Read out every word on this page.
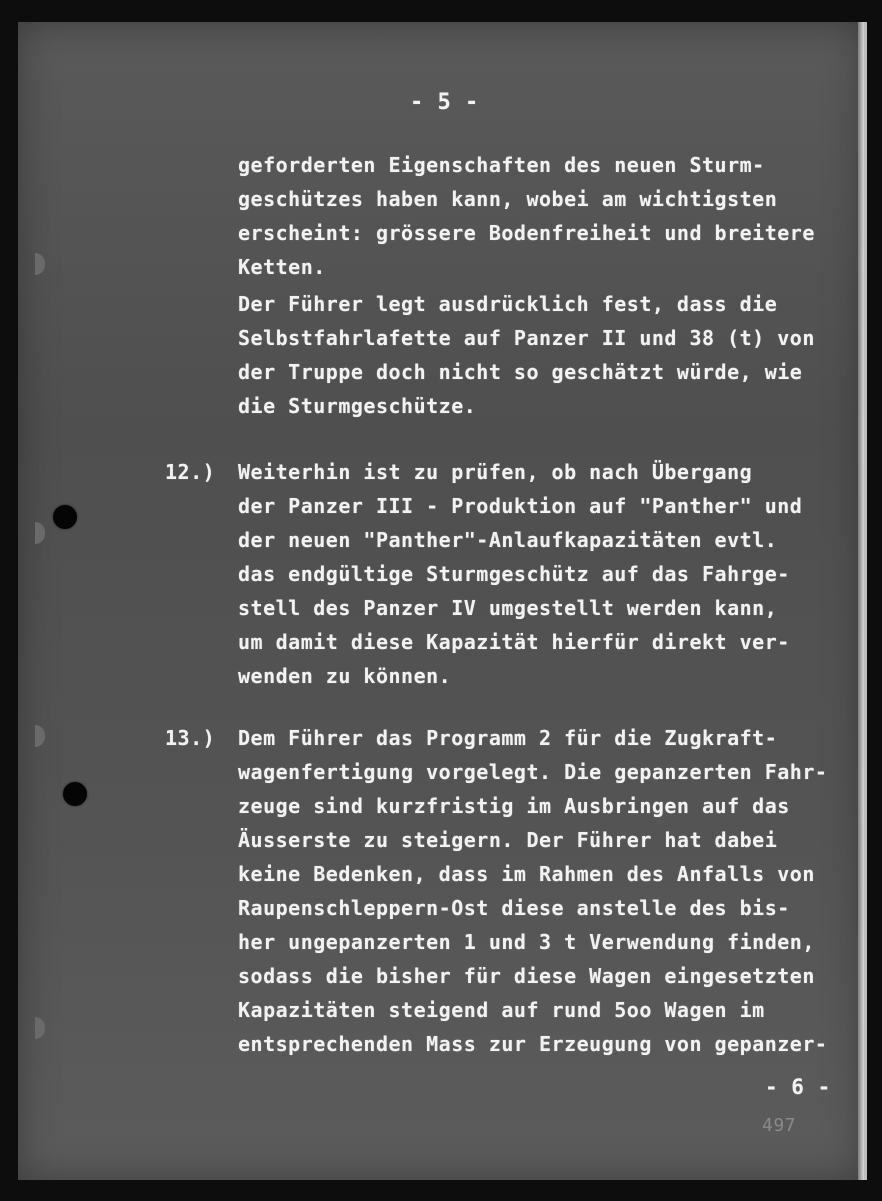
- 5 -
geforderten Eigenschaften des neuen Sturm-
geschützes haben kann, wobei am wichtigsten
erscheint: grössere Bodenfreiheit und breitere
Ketten.
Der Führer legt ausdrücklich fest, dass die
Selbstfahrlafette auf Panzer II und 38 (t) von
der Truppe doch nicht so geschätzt würde, wie
die Sturmgeschütze.
12.) Weiterhin ist zu prüfen, ob nach Übergang
der Panzer III - Produktion auf "Panther" und
der neuen "Panther"-Anlaufkapazitäten evtl.
das endgültige Sturmgeschütz auf das Fahrge-
stell des Panzer IV umgestellt werden kann,
um damit diese Kapazität hierfür direkt ver-
wenden zu können.
13.) Dem Führer das Programm 2 für die Zugkraft-
wagenfertigung vorgelegt. Die gepanzerten Fahr-
zeuge sind kurzfristig im Ausbringen auf das
Äusserste zu steigern. Der Führer hat dabei
keine Bedenken, dass im Rahmen des Anfalls von
Raupenschleppern-Ost diese anstelle des bis-
her ungepanzerten 1 und 3 t Verwendung finden,
sodass die bisher für diese Wagen eingesetzten
Kapazitäten steigend auf rund 5oo Wagen im
entsprechenden Mass zur Erzeugung von gepanzer-
- 6 -
497
